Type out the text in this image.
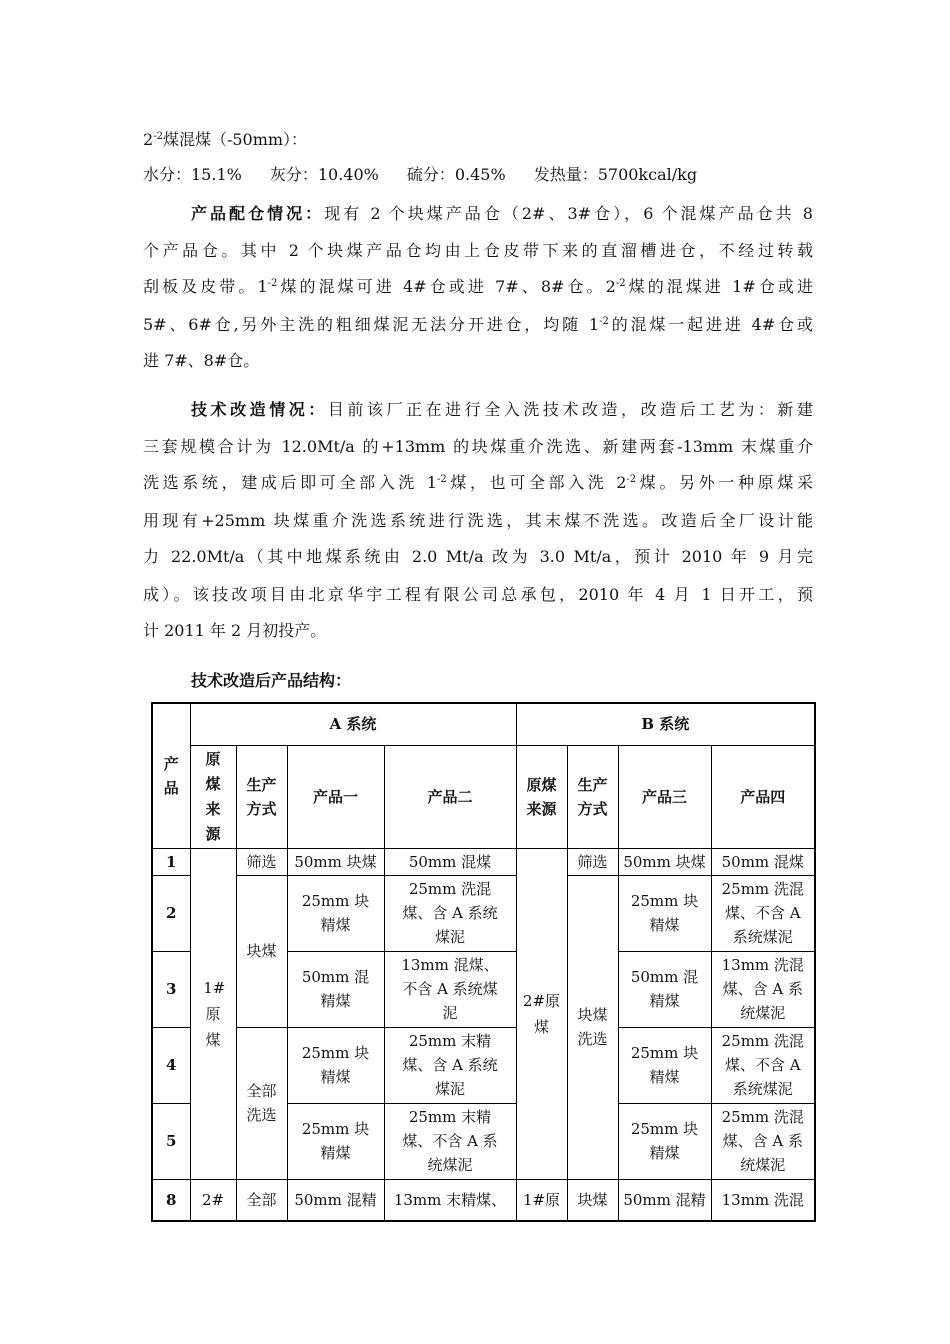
$2^{-2}$煤混煤（-50mm）：
水分：15.1% 灰分：10.40% 硫分：0.45% 发热量：5700kcal/kg
产品配仓情况：现有 2 个块煤产品仓（2#、3#仓），6 个混煤产品仓共 8
个产品仓。其中 2 个块煤产品仓均由上仓皮带下来的直溜槽进仓，不经过转载
刮板及皮带。$1^{-2}$煤的混煤可进 4#仓或进 7#、8#仓。$2^{-2}$煤的混煤进 1#仓或进
5#、6#仓,另外主洗的粗细煤泥无法分开进仓，均随 $1^{-2}$的混煤一起进进 4#仓或
进 7#、8#仓。
技术改造情况：目前该厂正在进行全入洗技术改造，改造后工艺为：新建
三套规模合计为 12.0Mt/a 的+13mm 的块煤重介洗选、新建两套-13mm 末煤重介
洗选系统，建成后即可全部入洗 $1^{-2}$煤，也可全部入洗 $2^{-2}$煤。另外一种原煤采
用现有+25mm 块煤重介洗选系统进行洗选，其末煤不洗选。改造后全厂设计能
力 22.0Mt/a（其中地煤系统由 2.0 Mt/a 改为 3.0 Mt/a，预计 2010 年 9 月完
成）。该技改项目由北京华宇工程有限公司总承包，2010 年 4 月 1 日开工，预
计 2011 年 2 月初投产。
技术改造后产品结构：
产品	A 系统				B 系统			
	原煤来源	生产方式	产品一	产品二	原煤来源	生产方式	产品三	产品四
1	1#原煤	筛选	50mm 块煤	50mm 混煤	2#原煤	筛选	50mm 块煤	50mm 混煤
2		块煤	25mm 块精煤	25mm 洗混煤、含 A 系统煤泥		块煤洗选	25mm 块精煤	25mm 洗混煤、不含 A 系统煤泥
3			50mm 混精煤	13mm 混煤、不含 A 系统煤泥			50mm 混精煤	13mm 洗混煤、含 A 系统煤泥
4		全部洗选	25mm 块精煤	25mm 末精煤、含 A 系统煤泥			25mm 块精煤	25mm 洗混煤、不含 A 系统煤泥
5			25mm 块精煤	25mm 末精煤、不含 A 系统煤泥			25mm 块精煤	25mm 洗混煤、含 A 系统煤泥
8	2#	全部	50mm 混精	13mm 末精煤、	1#原	块煤	50mm 混精	13mm 洗混
